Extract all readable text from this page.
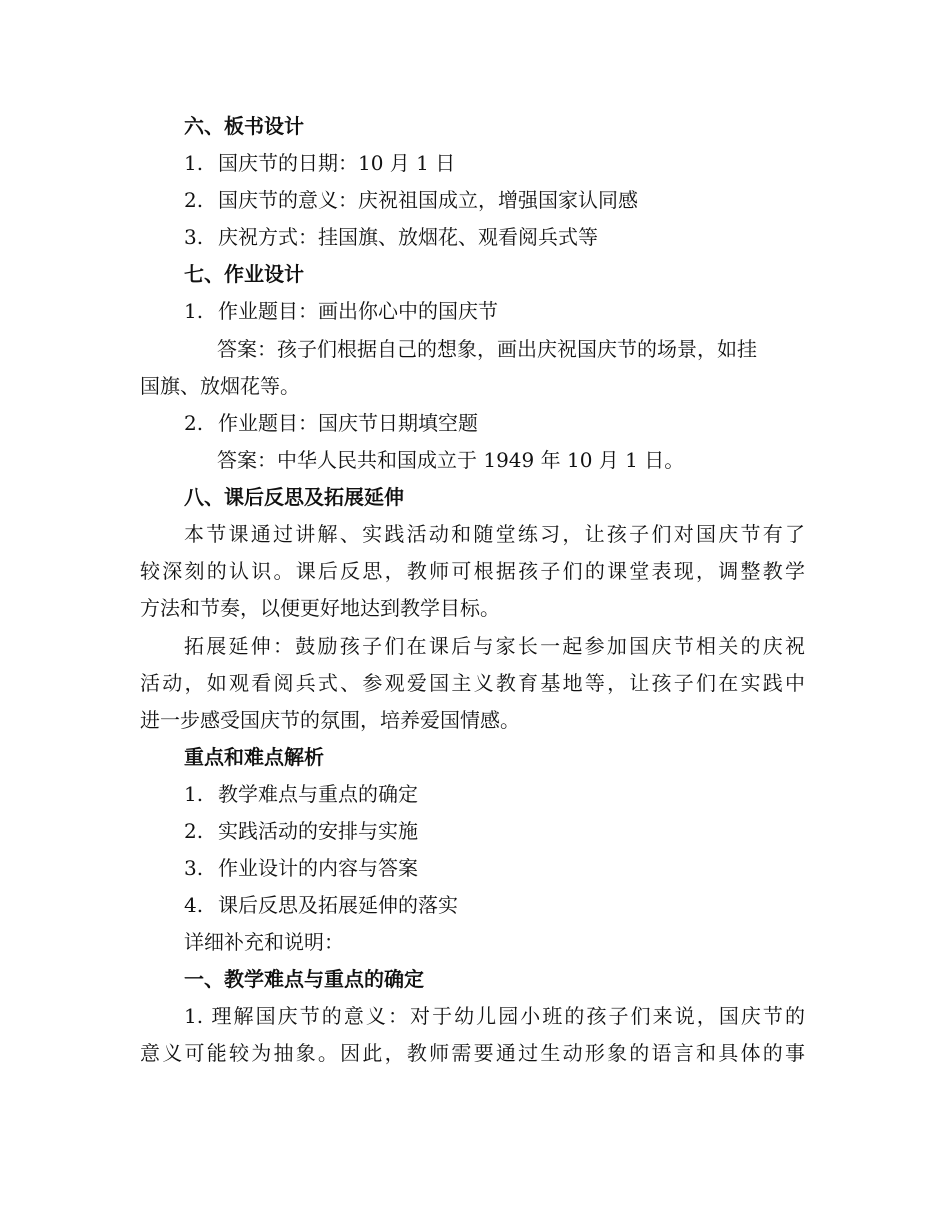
六、板书设计
1. 国庆节的日期：10 月 1 日
2. 国庆节的意义：庆祝祖国成立，增强国家认同感
3. 庆祝方式：挂国旗、放烟花、观看阅兵式等
七、作业设计
1. 作业题目：画出你心中的国庆节
答案：孩子们根据自己的想象，画出庆祝国庆节的场景，如挂
国旗、放烟花等。
2. 作业题目：国庆节日期填空题
答案：中华人民共和国成立于 1949 年 10 月 1 日。
八、课后反思及拓展延伸
本节课通过讲解、实践活动和随堂练习，让孩子们对国庆节有了
较深刻的认识。课后反思，教师可根据孩子们的课堂表现，调整教学
方法和节奏，以便更好地达到教学目标。
拓展延伸：鼓励孩子们在课后与家长一起参加国庆节相关的庆祝
活动，如观看阅兵式、参观爱国主义教育基地等，让孩子们在实践中
进一步感受国庆节的氛围，培养爱国情感。
重点和难点解析
1. 教学难点与重点的确定
2. 实践活动的安排与实施
3. 作业设计的内容与答案
4. 课后反思及拓展延伸的落实
详细补充和说明：
一、教学难点与重点的确定
1. 理解国庆节的意义：对于幼儿园小班的孩子们来说，国庆节的
意义可能较为抽象。因此，教师需要通过生动形象的语言和具体的事
